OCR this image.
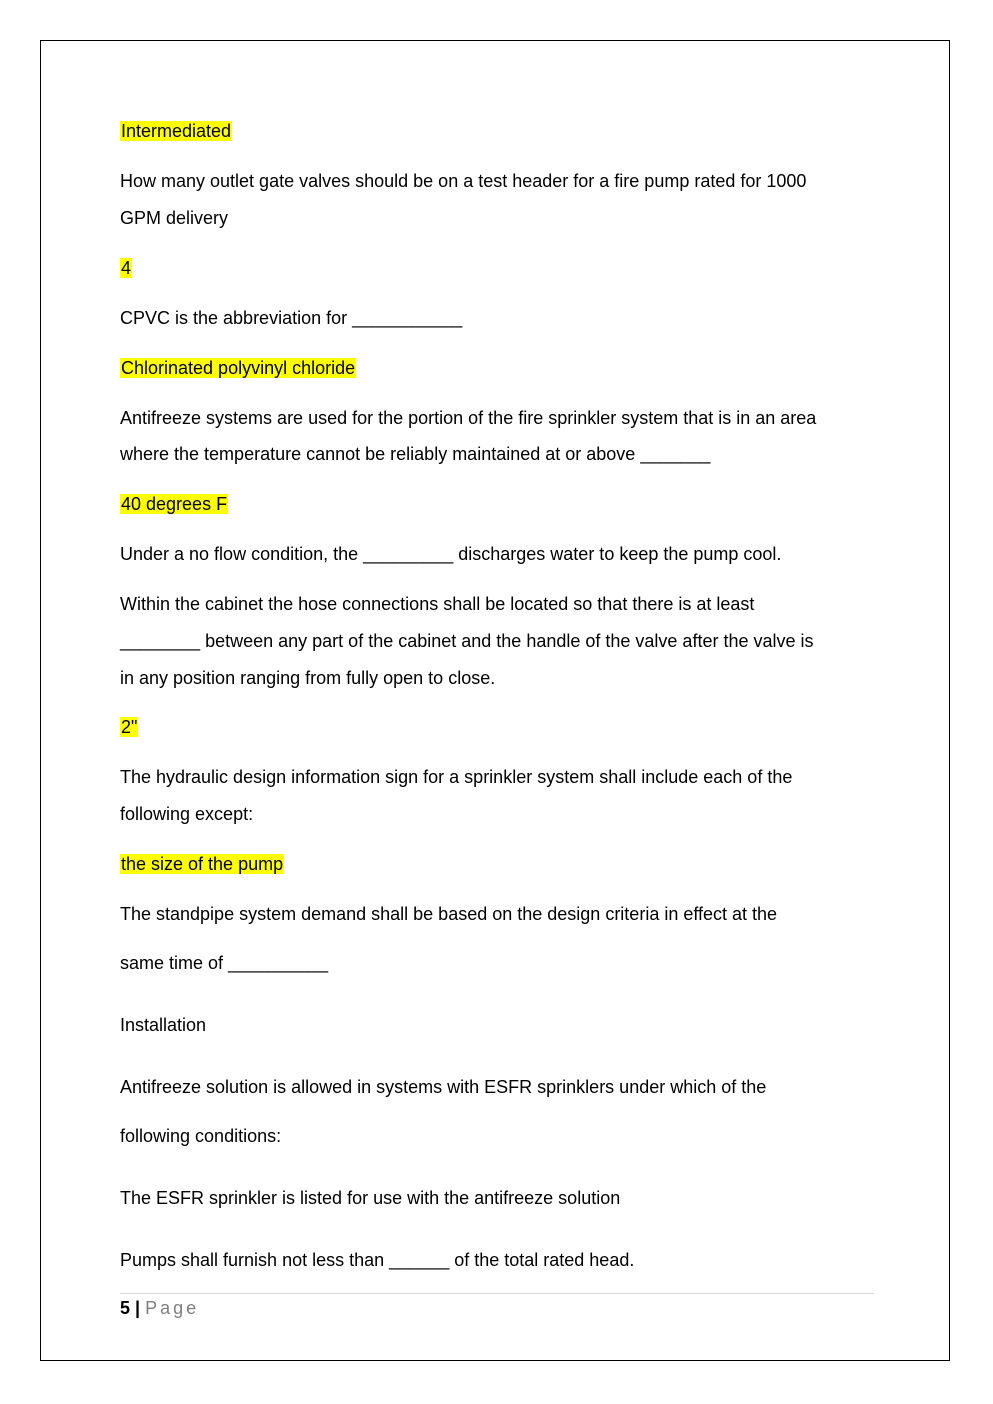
Intermediated
How many outlet gate valves should be on a test header for a fire pump rated for 1000
GPM delivery
4
CPVC is the abbreviation for ___________
Chlorinated polyvinyl chloride
Antifreeze systems are used for the portion of the fire sprinkler system that is in an area
where the temperature cannot be reliably maintained at or above _______
40 degrees F
Under a no flow condition, the _________ discharges water to keep the pump cool.
Within the cabinet the hose connections shall be located so that there is at least
________ between any part of the cabinet and the handle of the valve after the valve is
in any position ranging from fully open to close.
2"
The hydraulic design information sign for a sprinkler system shall include each of the
following except:
the size of the pump
The standpipe system demand shall be based on the design criteria in effect at the
same time of __________
Installation
Antifreeze solution is allowed in systems with ESFR sprinklers under which of the
following conditions:
The ESFR sprinkler is listed for use with the antifreeze solution
Pumps shall furnish not less than ______ of the total rated head.
5 | Page
